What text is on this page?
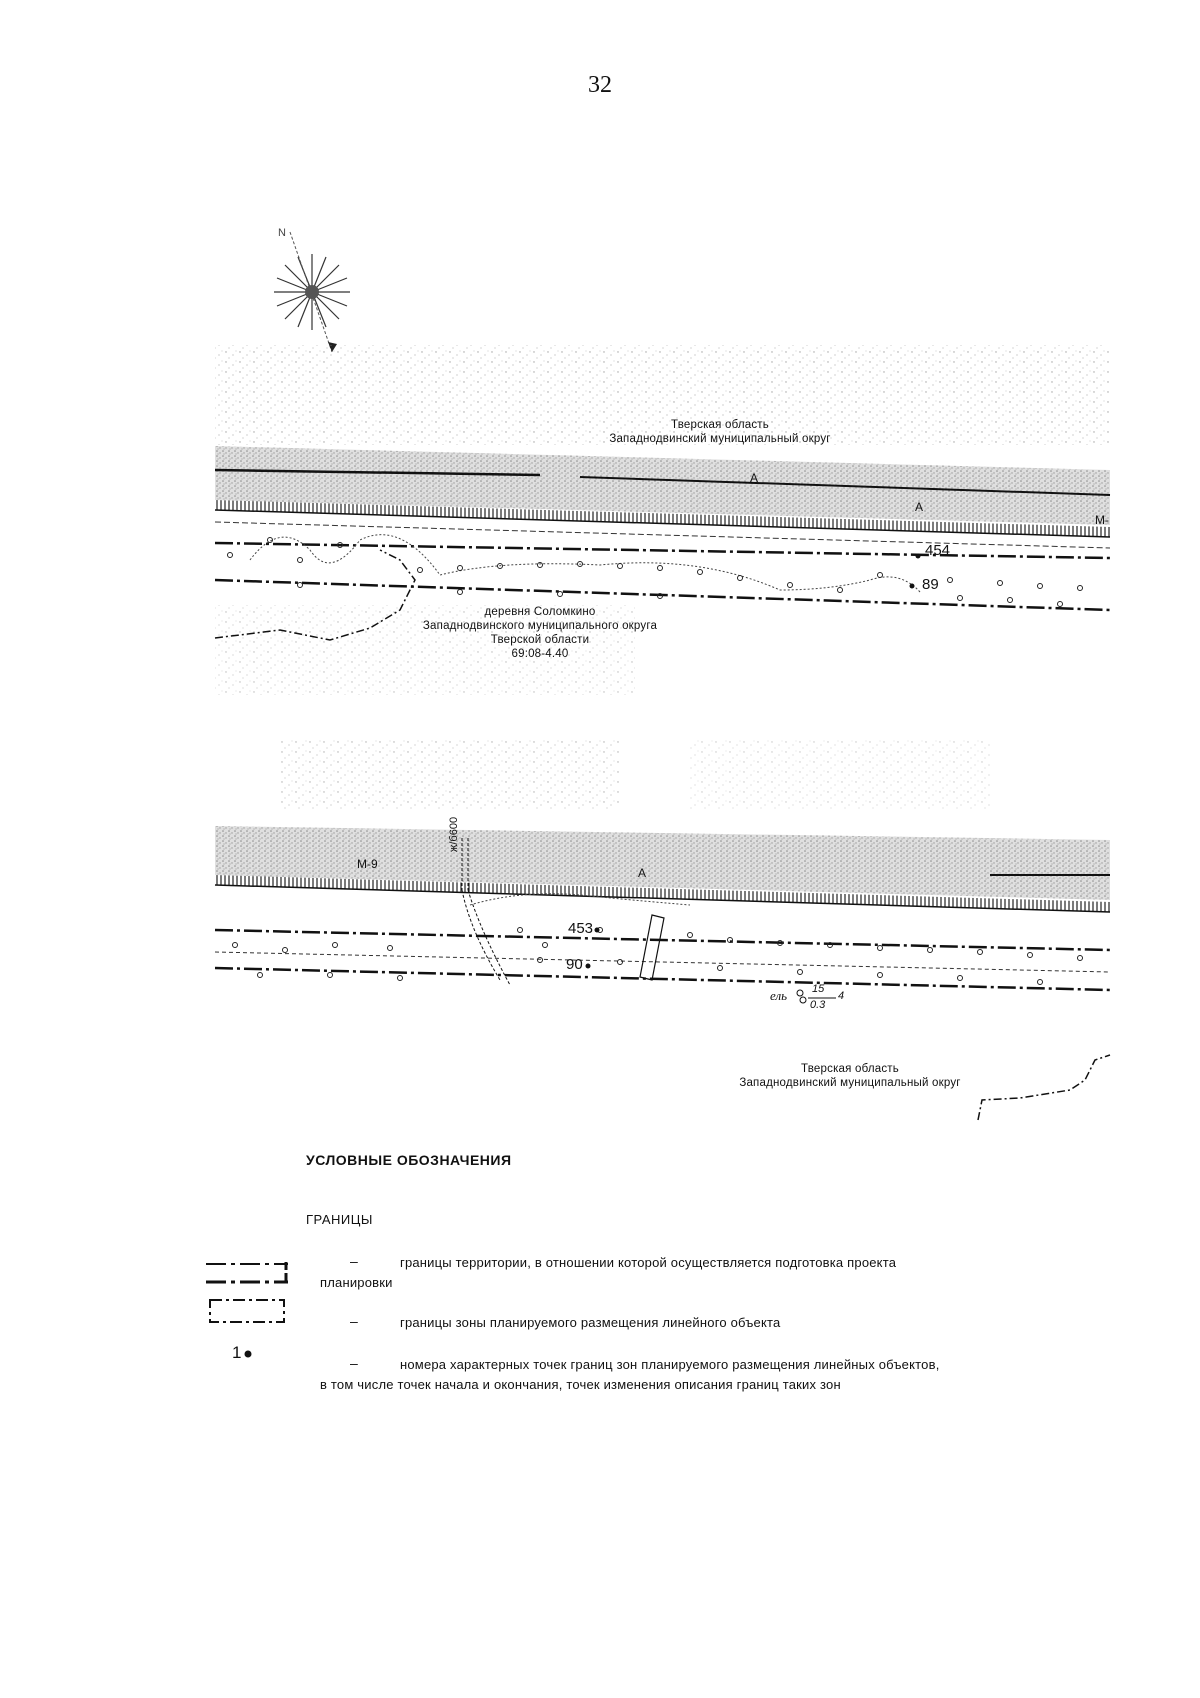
32
N
Тверская область
Западнодвинский муниципальный округ
А
А
М-
454
89
деревня Соломкино
Западнодвинского муниципального округа
Тверской области
69:08-4.40
М-9
А
ж/б600
453
90
ель 15
0.3
4
Тверская область
Западнодвинский муниципальный округ
УСЛОВНЫЕ ОБОЗНАЧЕНИЯ
ГРАНИЦЫ
–	границы территории, в отношении которой осуществляется подготовка проекта
планировки
–	границы зоны планируемого размещения линейного объекта
1
–	номера характерных точек границ зон планируемого размещения линейных объектов,
в том числе точек начала и окончания, точек изменения описания границ таких зон
